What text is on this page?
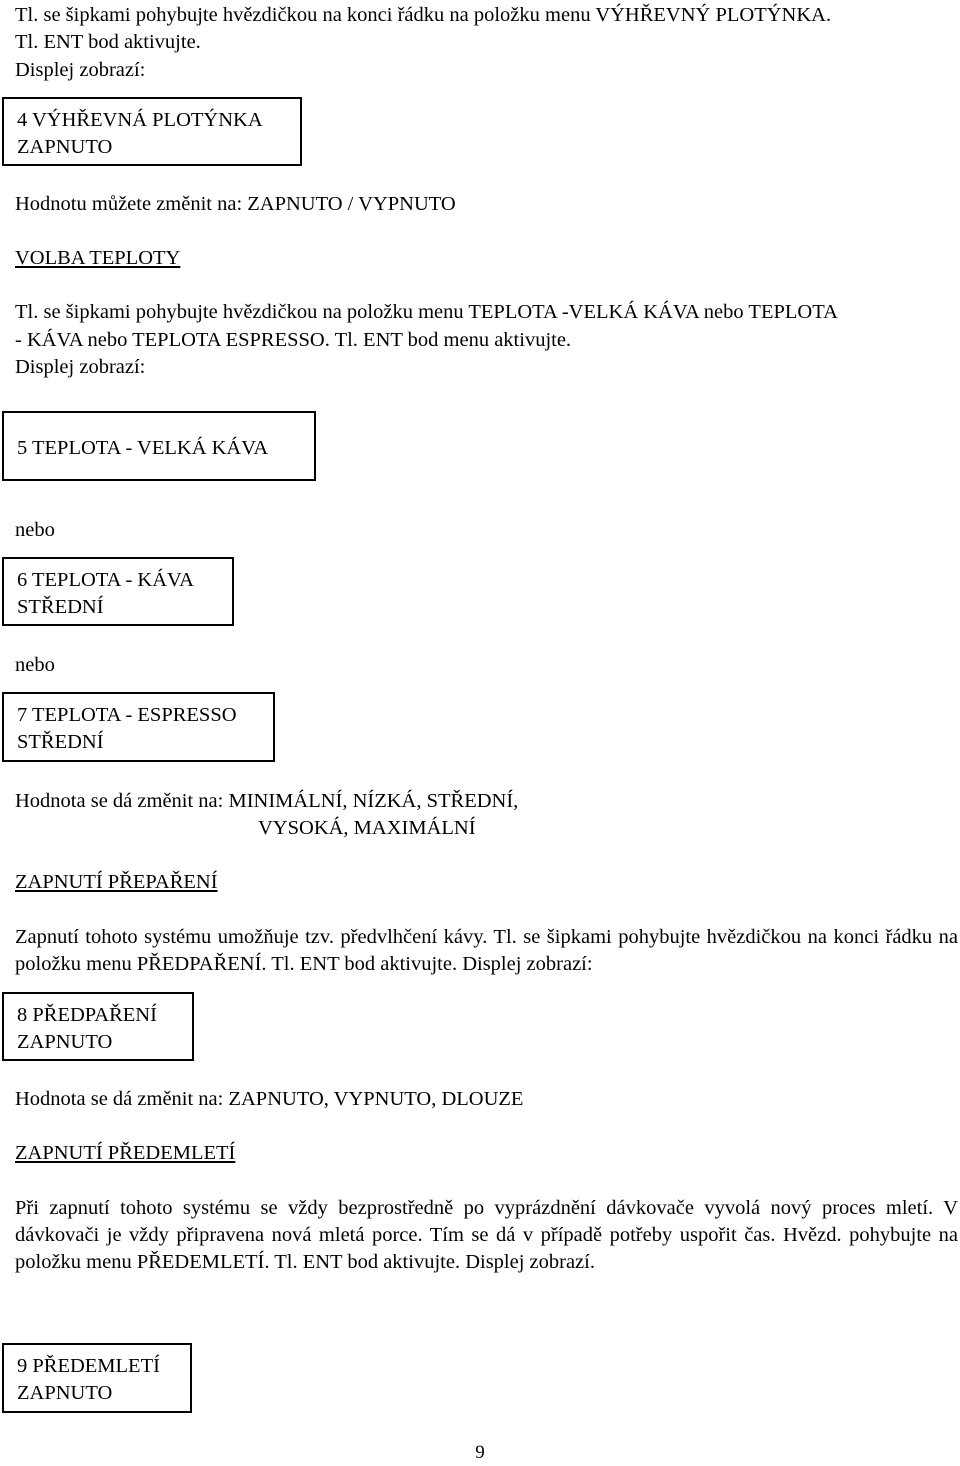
Tl. se šipkami pohybujte hvězdičkou na konci řádku na položku menu VÝHŘEVNÝ PLOTÝNKA.

Tl. ENT bod aktivujte.

Displej zobrazí:

4 VÝHŘEVNÁ PLOTÝNKA
ZAPNUTO

Hodnotu můžete změnit na: ZAPNUTO / VYPNUTO

VOLBA TEPLOTY

Tl. se šipkami pohybujte hvězdičkou na položku menu TEPLOTA -VELKÁ KÁVA nebo TEPLOTA

- KÁVA nebo TEPLOTA ESPRESSO. Tl. ENT bod menu aktivujte.

Displej zobrazí:

5 TEPLOTA - VELKÁ KÁVA

nebo

6 TEPLOTA - KÁVA
STŘEDNÍ

nebo

7 TEPLOTA - ESPRESSO
STŘEDNÍ

Hodnota se dá změnit na: MINIMÁLNÍ, NÍZKÁ, STŘEDNÍ,

VYSOKÁ, MAXIMÁLNÍ

ZAPNUTÍ PŘEPAŘENÍ

Zapnutí tohoto systému umožňuje tzv. předvlhčení kávy. Tl. se šipkami pohybujte hvězdičkou na konci řádku na položku menu PŘEDPAŘENÍ. Tl. ENT bod aktivujte. Displej zobrazí:

8 PŘEDPAŘENÍ
ZAPNUTO

Hodnota se dá změnit na: ZAPNUTO, VYPNUTO, DLOUZE

ZAPNUTÍ PŘEDEMLETÍ

Při zapnutí tohoto systému se vždy bezprostředně po vyprázdnění dávkovače vyvolá nový proces mletí. V dávkovači je vždy připravena nová mletá porce. Tím se dá v případě potřeby uspořit čas. Hvězd. pohybujte na položku menu PŘEDEMLETÍ. Tl. ENT bod aktivujte. Displej zobrazí.

9 PŘEDEMLETÍ
ZAPNUTO
9
